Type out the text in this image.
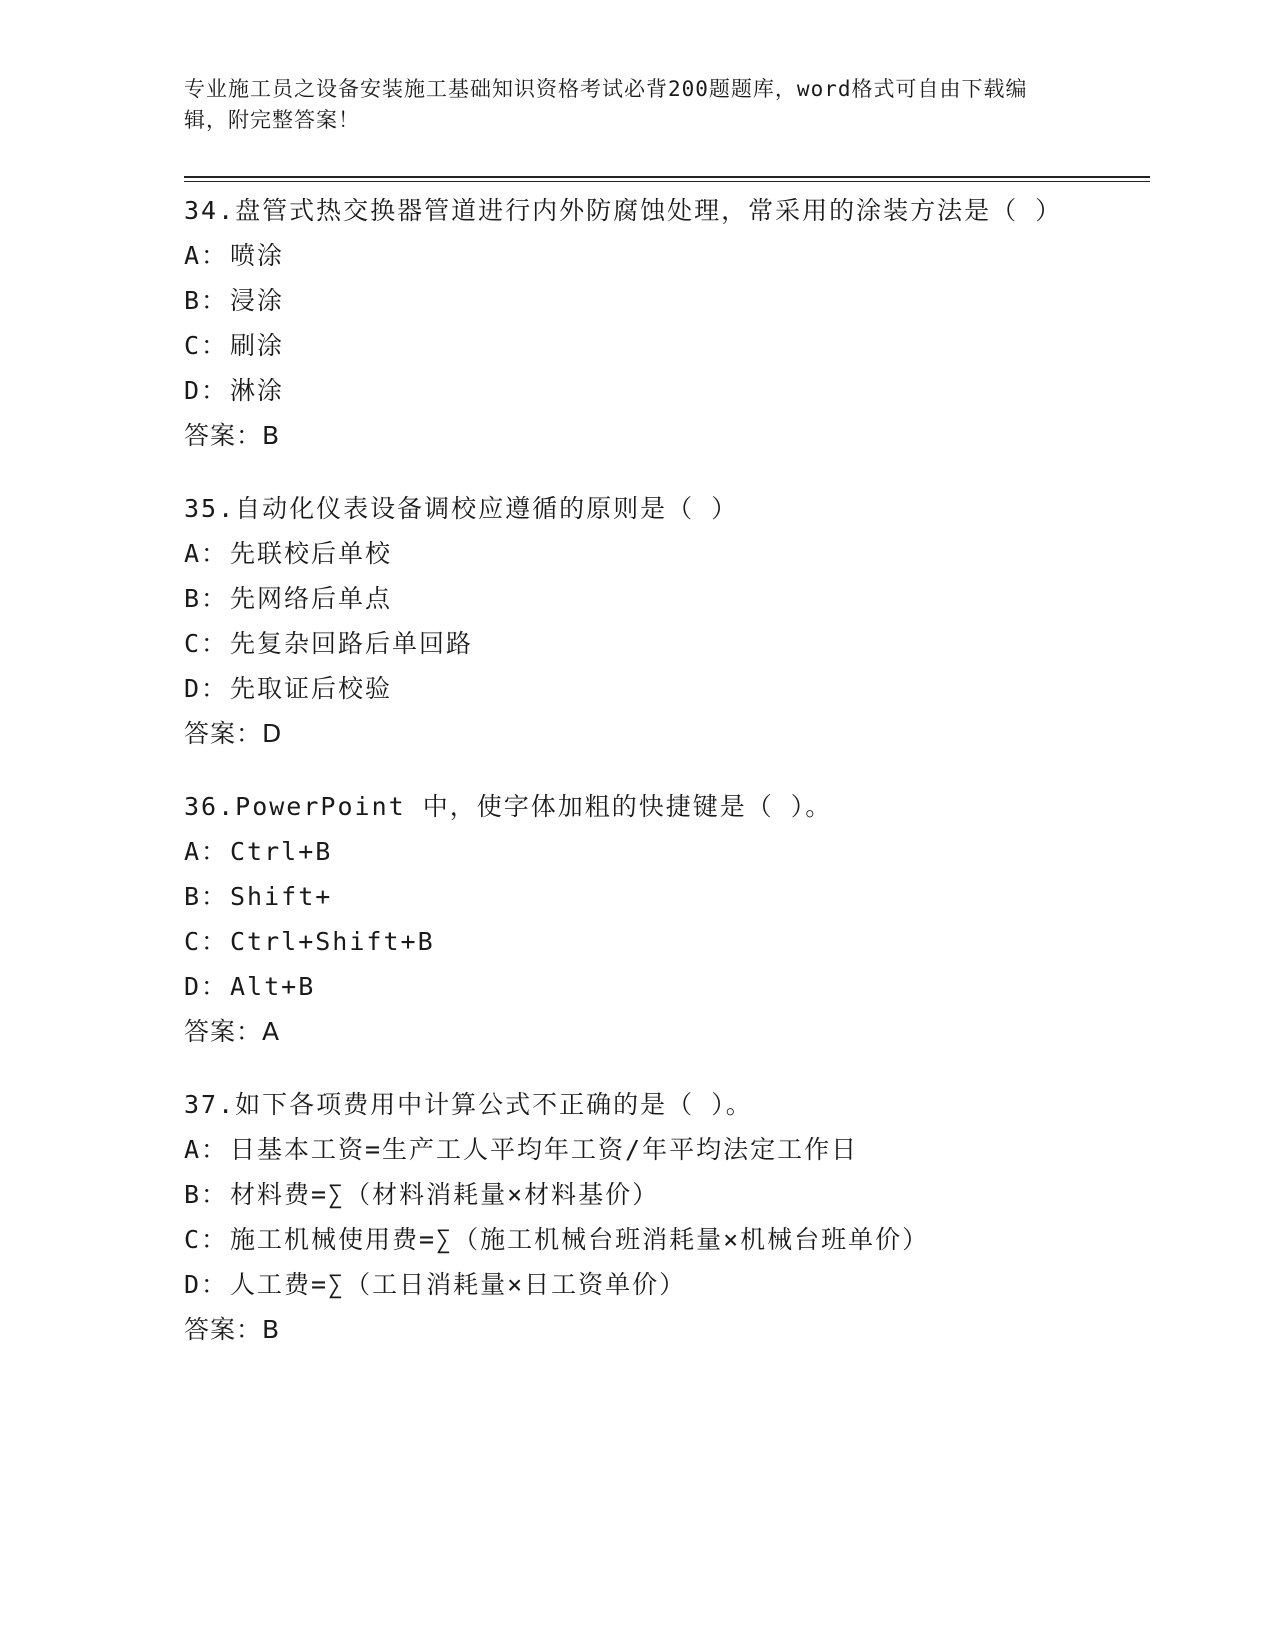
专业施工员之设备安装施工基础知识资格考试必背200题题库，word格式可自由下载编辑，附完整答案！

34.盘管式热交换器管道进行内外防腐蚀处理，常采用的涂装方法是（ ）

A：喷涂

B：浸涂

C：刷涂

D：淋涂

答案：B

35.自动化仪表设备调校应遵循的原则是（ ）

A：先联校后单校

B：先网络后单点

C：先复杂回路后单回路

D：先取证后校验

答案：D

36.PowerPoint 中，使字体加粗的快捷键是（ ）。

A：Ctrl+B

B：Shift+

C：Ctrl+Shift+B

D：Alt+B

答案：A

37.如下各项费用中计算公式不正确的是（ ）。

A：日基本工资=生产工人平均年工资/年平均法定工作日

B：材料费=∑（材料消耗量×材料基价）

C：施工机械使用费=∑（施工机械台班消耗量×机械台班单价）

D：人工费=∑（工日消耗量×日工资单价）

答案：B
